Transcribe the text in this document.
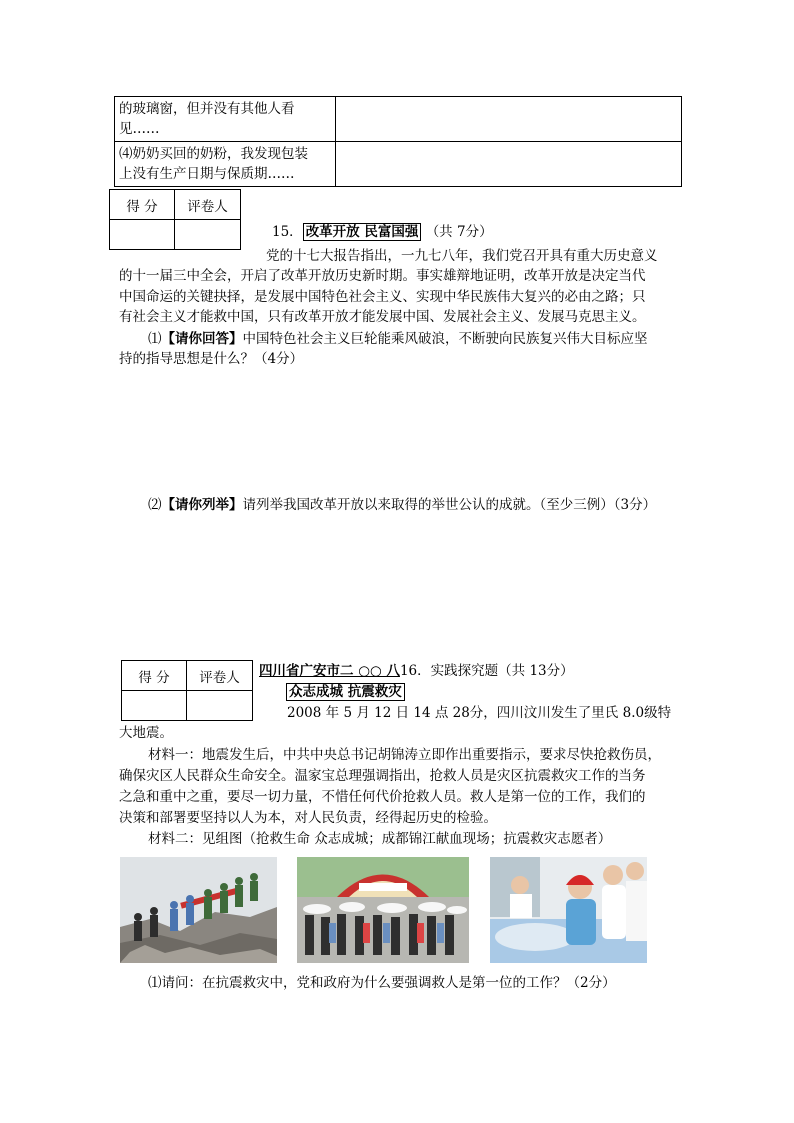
的玻璃窗，但并没有其他人看
见……	

⑷奶奶买回的奶粉，我发现包装
上没有生产日期与保质期……	

得 分	评卷人

15． 改革开放 民富国强 （共 7分）
党的十七大报告指出，一九七八年，我们党召开具有重大历史意义
的十一届三中全会，开启了改革开放历史新时期。事实雄辩地证明，改革开放是决定当代
中国命运的关键抉择，是发展中国特色社会主义、实现中华民族伟大复兴的必由之路；只
有社会主义才能救中国，只有改革开放才能发展中国、发展社会主义、发展马克思主义。
⑴【请你回答】中国特色社会主义巨轮能乘风破浪，不断驶向民族复兴伟大目标应坚
持的指导思想是什么？（4分）
⑵【请你列举】请列举我国改革开放以来取得的举世公认的成就。（至少三例）（3分）
得 分	评卷人
	四川省广安市二 ○○ 八16．实践探究题（共 13分）
众志成城 抗震救灾
2008 年 5 月 12 日 14 点 28分，四川汶川发生了里氏 8.0级特
大地震。
材料一：地震发生后，中共中央总书记胡锦涛立即作出重要指示，要求尽快抢救伤员，
确保灾区人民群众生命安全。温家宝总理强调指出，抢救人员是灾区抗震救灾工作的当务
之急和重中之重，要尽一切力量，不惜任何代价抢救人员。救人是第一位的工作，我们的
决策和部署要坚持以人为本，对人民负责，经得起历史的检验。
材料二：见组图（抢救生命 众志成城；成都锦江献血现场；抗震救灾志愿者）
⑴请问：在抗震救灾中，党和政府为什么要强调救人是第一位的工作？（2分）
